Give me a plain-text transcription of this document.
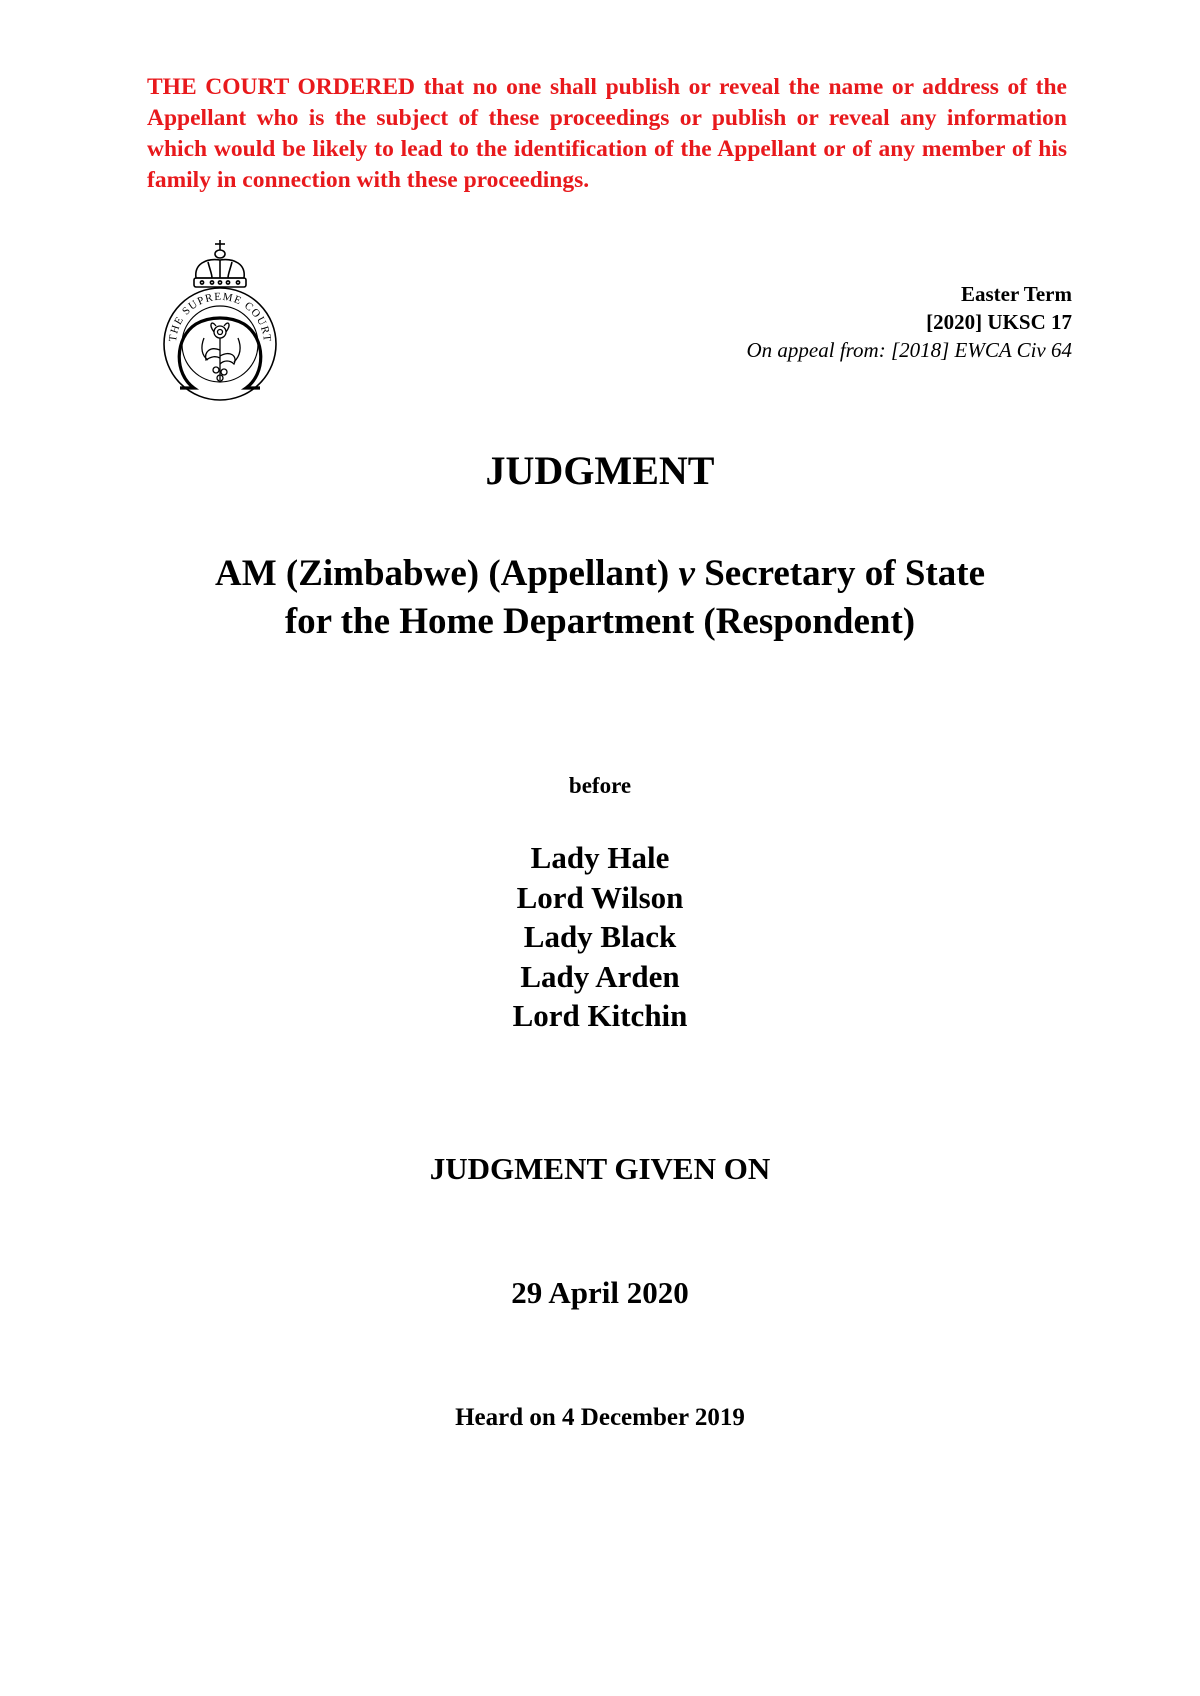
THE COURT ORDERED that no one shall publish or reveal the name or address of the Appellant who is the subject of these proceedings or publish or reveal any information which would be likely to lead to the identification of the Appellant or of any member of his family in connection with these proceedings.
THE SUPREME COURT
Easter Term
[2020] UKSC 17
On appeal from: [2018] EWCA Civ 64
JUDGMENT
AM (Zimbabwe) (Appellant) v Secretary of State
for the Home Department (Respondent)
before
Lady Hale
Lord Wilson
Lady Black
Lady Arden
Lord Kitchin
JUDGMENT GIVEN ON
29 April 2020
Heard on 4 December 2019
